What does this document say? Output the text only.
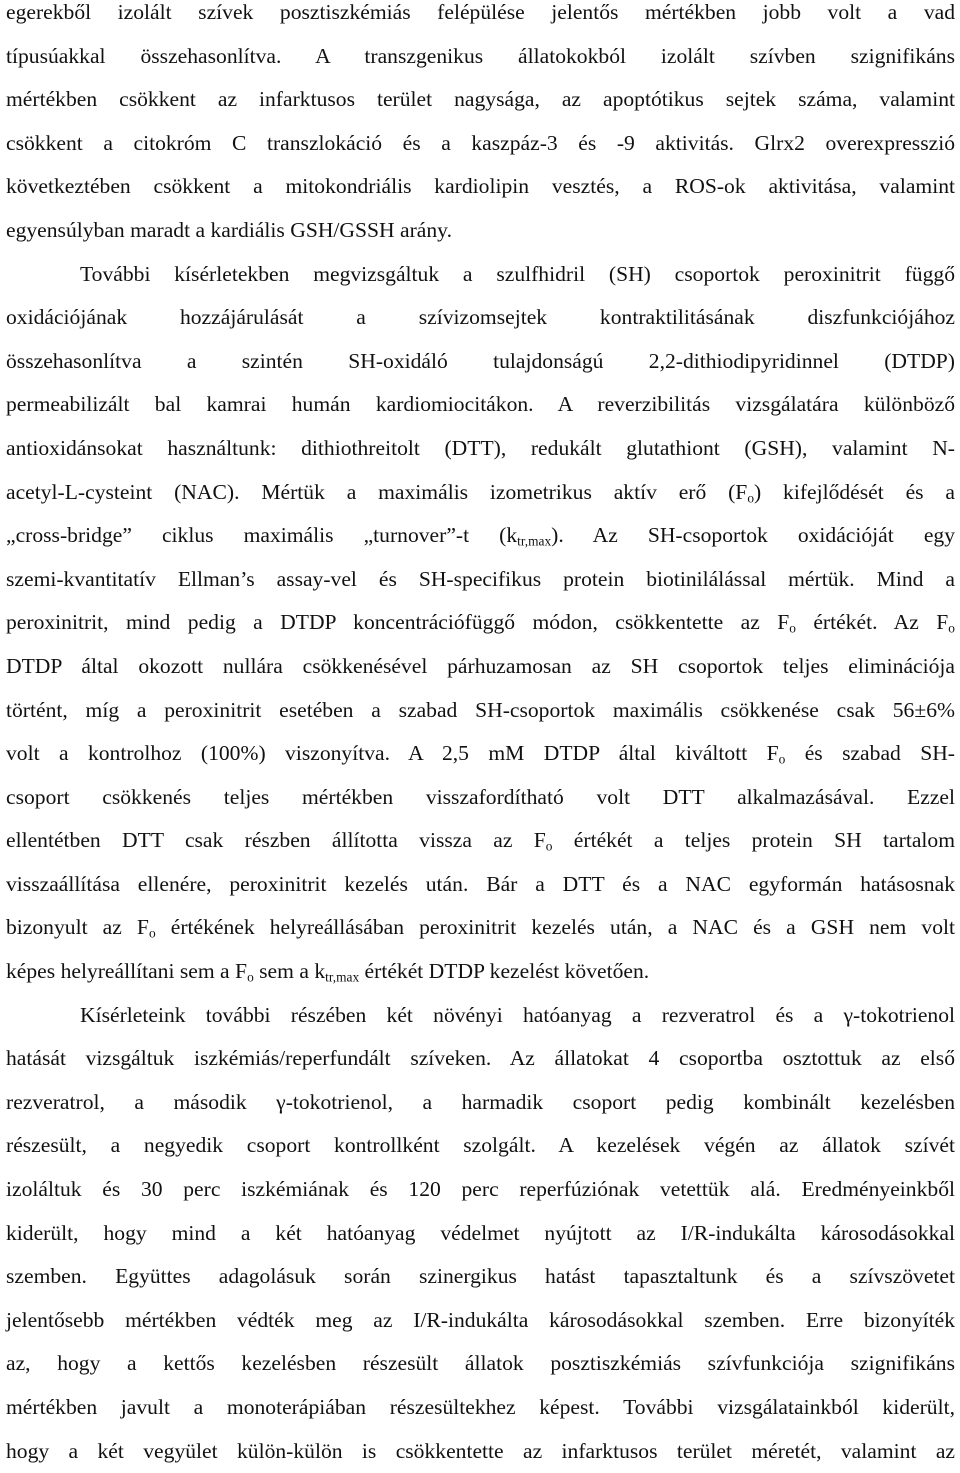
egerekből izolált szívek posztiszkémiás felépülése jelentős mértékben jobb volt a vad
típusúakkal összehasonlítva. A transzgenikus állatokokból izolált szívben szignifikáns
mértékben csökkent az infarktusos terület nagysága, az apoptótikus sejtek száma, valamint
csökkent a citokróm C transzlokáció és a kaszpáz-3 és -9 aktivitás. Glrx2 overexpresszió
következtében csökkent a mitokondriális kardiolipin vesztés, a ROS-ok aktivitása, valamint
egyensúlyban maradt a kardiális GSH/GSSH arány.
További kísérletekben megvizsgáltuk a szulfhidril (SH) csoportok peroxinitrit függő
oxidációjának hozzájárulását a szívizomsejtek kontraktilitásának diszfunkciójához
összehasonlítva a szintén SH-oxidáló tulajdonságú 2,2-dithiodipyridinnel (DTDP)
permeabilizált bal kamrai humán kardiomiocitákon. A reverzibilitás vizsgálatára különböző
antioxidánsokat használtunk: dithiothreitolt (DTT), redukált glutathiont (GSH), valamint N-
acetyl-L-cysteint (NAC). Mértük a maximális izometrikus aktív erő $(F_o)$ kifejlődését és a
„cross-bridge” ciklus maximális „turnover”-t $(k_{tr,max})$. Az SH-csoportok oxidációját egy
szemi-kvantitatív Ellman’s assay-vel és SH-specifikus protein biotinilálással mértük. Mind a
peroxinitrit, mind pedig a DTDP koncentrációfüggő módon, csökkentette az $F_o$ értékét. Az $F_o$
DTDP által okozott nullára csökkenésével párhuzamosan az SH csoportok teljes eliminációja
történt, míg a peroxinitrit esetében a szabad SH-csoportok maximális csökkenése csak 56±6%
volt a kontrolhoz (100%) viszonyítva. A 2,5 mM DTDP által kiváltott $F_o$ és szabad SH-
csoport csökkenés teljes mértékben visszafordítható volt DTT alkalmazásával. Ezzel
ellentétben DTT csak részben állította vissza az $F_o$ értékét a teljes protein SH tartalom
visszaállítása ellenére, peroxinitrit kezelés után. Bár a DTT és a NAC egyformán hatásosnak
bizonyult az $F_o$ értékének helyreállásában peroxinitrit kezelés után, a NAC és a GSH nem volt
képes helyreállítani sem a $F_o$ sem a $k_{tr,max}$ értékét DTDP kezelést követően.
Kísérleteink további részében két növényi hatóanyag a rezveratrol és a γ-tokotrienol
hatását vizsgáltuk iszkémiás/reperfundált szíveken. Az állatokat 4 csoportba osztottuk az első
rezveratrol, a második γ-tokotrienol, a harmadik csoport pedig kombinált kezelésben
részesült, a negyedik csoport kontrollként szolgált. A kezelések végén az állatok szívét
izoláltuk és 30 perc iszkémiának és 120 perc reperfúziónak vetettük alá. Eredményeinkből
kiderült, hogy mind a két hatóanyag védelmet nyújtott az I/R-indukálta károsodásokkal
szemben. Együttes adagolásuk során szinergikus hatást tapasztaltunk és a szívszövetet
jelentősebb mértékben védték meg az I/R-indukálta károsodásokkal szemben. Erre bizonyíték
az, hogy a kettős kezelésben részesült állatok posztiszkémiás szívfunkciója szignifikáns
mértékben javult a monoterápiában részesültekhez képest. További vizsgálatainkból kiderült,
hogy a két vegyület külön-külön is csökkentette az infarktusos terület méretét, valamint az
